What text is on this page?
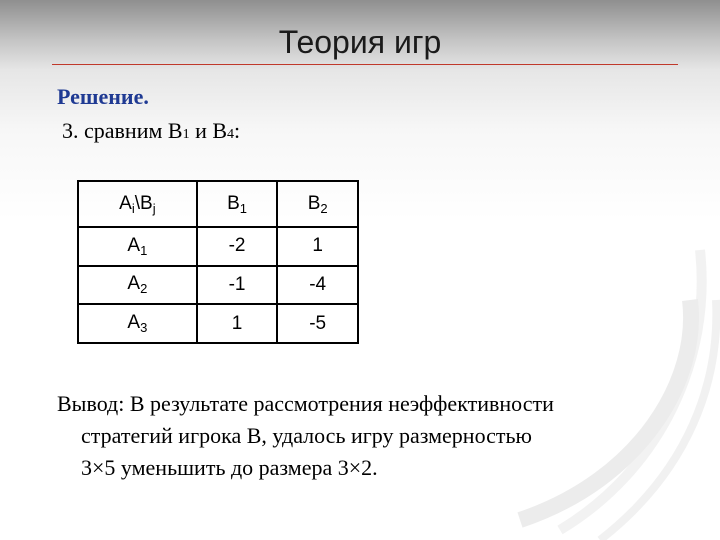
Теория игр
Решение.
3. сравним В1 и В4:
$A_i\backslash B_j$	$B_1$	$B_2$
$A_1$	-2	1
$A_2$	-1	-4
$A_3$	1	-5
Вывод: В результате рассмотрения неэффективности
стратегий игрока В, удалось игру размерностью
3×5 уменьшить до размера 3×2.
